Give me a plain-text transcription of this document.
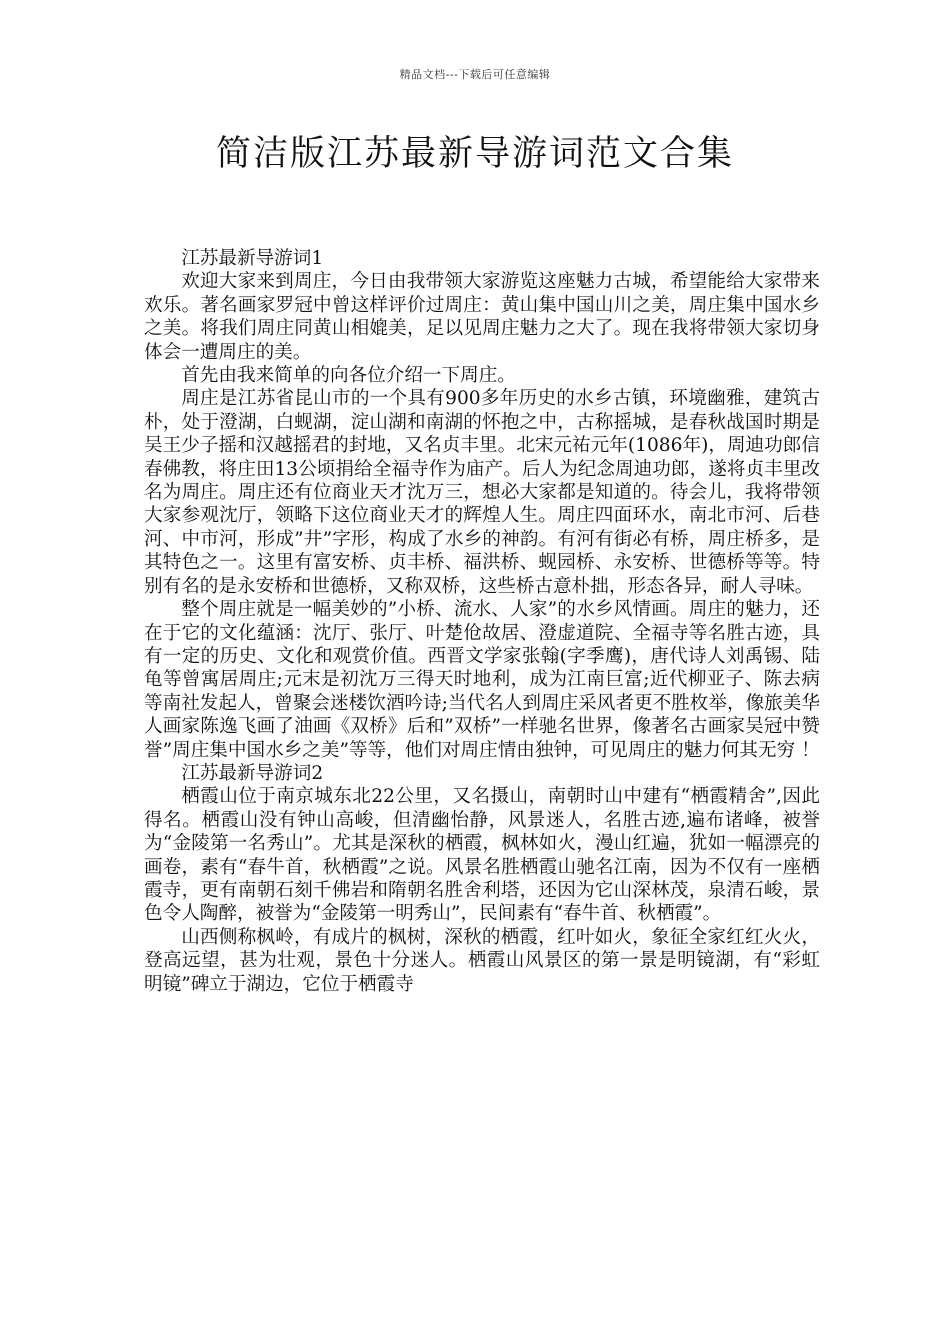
精品文档---下载后可任意编辑
简洁版江苏最新导游词范文合集

江苏最新导游词1

欢迎大家来到周庄，今日由我带领大家游览这座魅力古城，希望能给大家带来欢乐。著名画家罗冠中曾这样评价过周庄：黄山集中国山川之美，周庄集中国水乡之美。将我们周庄同黄山相媲美，足以见周庄魅力之大了。现在我将带领大家切身体会一遭周庄的美。

首先由我来简单的向各位介绍一下周庄。

周庄是江苏省昆山市的一个具有900多年历史的水乡古镇，环境幽雅，建筑古朴，处于澄湖，白蚬湖，淀山湖和南湖的怀抱之中，古称摇城，是春秋战国时期是吴王少子摇和汉越摇君的封地，又名贞丰里。北宋元祐元年(1086年)，周迪功郎信春佛教，将庄田13公顷捐给全福寺作为庙产。后人为纪念周迪功郎，遂将贞丰里改名为周庄。周庄还有位商业天才沈万三，想必大家都是知道的。待会儿，我将带领大家参观沈厅，领略下这位商业天才的辉煌人生。周庄四面环水，南北市河、后巷河、中市河，形成”井”字形，构成了水乡的神韵。有河有街必有桥，周庄桥多，是其特色之一。这里有富安桥、贞丰桥、福洪桥、蚬园桥、永安桥、世德桥等等。特别有名的是永安桥和世德桥，又称双桥，这些桥古意朴拙，形态各异，耐人寻味。

整个周庄就是一幅美妙的”小桥、流水、人家”的水乡风情画。周庄的魅力，还在于它的文化蕴涵：沈厅、张厅、叶楚伧故居、澄虚道院、全福寺等名胜古迹，具有一定的历史、文化和观赏价值。西晋文学家张翰(字季鹰)，唐代诗人刘禹锡、陆龟等曾寓居周庄;元末是初沈万三得天时地利，成为江南巨富;近代柳亚子、陈去病等南社发起人，曾聚会迷楼饮酒吟诗;当代名人到周庄采风者更不胜枚举，像旅美华人画家陈逸飞画了油画《双桥》后和”双桥”一样驰名世界，像著名古画家吴冠中赞誉”周庄集中国水乡之美”等等，他们对周庄情由独钟，可见周庄的魅力何其无穷 ！

江苏最新导游词2

栖霞山位于南京城东北22公里，又名摄山，南朝时山中建有“栖霞精舍”,因此得名。栖霞山没有钟山高峻，但清幽怡静，风景迷人，名胜古迹,遍布诸峰，被誉为“金陵第一名秀山”。尤其是深秋的栖霞，枫林如火，漫山红遍，犹如一幅漂亮的画卷，素有“春牛首，秋栖霞”之说。风景名胜栖霞山驰名江南，因为不仅有一座栖霞寺，更有南朝石刻千佛岩和隋朝名胜舍利塔，还因为它山深林茂，泉清石峻，景色令人陶醉，被誉为“金陵第一明秀山”，民间素有“春牛首、秋栖霞”。

山西侧称枫岭，有成片的枫树，深秋的栖霞，红叶如火，象征全家红红火火，登高远望，甚为壮观，景色十分迷人。栖霞山风景区的第一景是明镜湖，有“彩虹明镜”碑立于湖边，它位于栖霞寺
